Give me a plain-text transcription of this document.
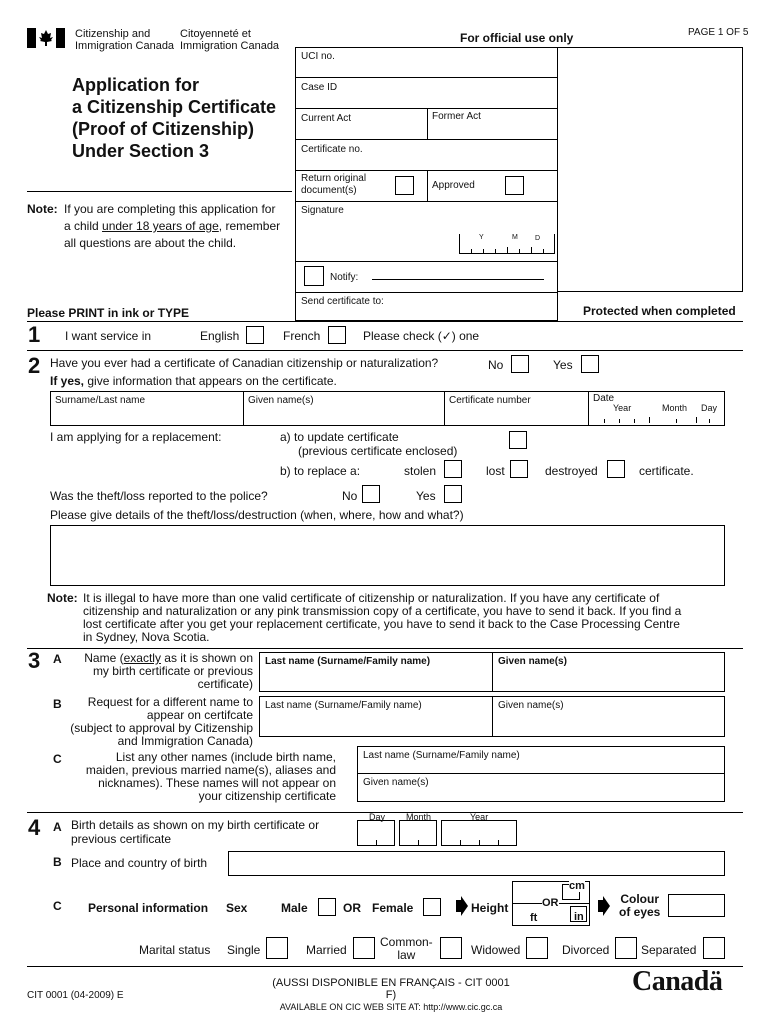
Citizenship and
Immigration Canada
Citoyenneté et
Immigration Canada
PAGE 1 OF 5
For official use only
Application for
a Citizenship Certificate
(Proof of Citizenship)
Under Section 3
Note: If you are completing this application for
a child under 18 years of age, remember
all questions are about the child.
UCI no.
Case ID
Current Act	Former Act
Certificate no.
Return original
document(s)	Approved
Signature
Y	M D
Notify:
Send certificate to:
Please PRINT in ink or TYPE	Protected when completed
1 I want service in	English	French	Please check (✓) one
2 Have you ever had a certificate of Canadian citizenship or naturalization?	No	Yes
If yes, give information that appears on the certificate.
Surname/Last name	Given name(s)	Certificate number	Date
Year	Month Day
I am applying for a replacement:	a) to update certificate
(previous certificate enclosed)
b) to replace a:	stolen	lost	destroyed	certificate.
Was the theft/loss reported to the police?	No	Yes
Please give details of the theft/loss/destruction (when, where, how and what?)
Note: It is illegal to have more than one valid certificate of citizenship or naturalization. If you have any certificate of
citizenship and naturalization or any pink transmission copy of a certificate, you have to send it back. If you find a
lost certificate after you get your replacement certificate, you have to send it back to the Case Processing Centre
in Sydney, Nova Scotia.
3 A	Name (exactly as it is shown on
my birth certificate or previous
certificate)
Last name (Surname/Family name)	Given name(s)
B	Request for a different name to
appear on certifcate
(subject to approval by Citizenship
and Immigration Canada)
Last name (Surname/Family name)	Given name(s)
C	List any other names (include birth name,
maiden, previous married name(s), aliases and
nicknames). These names will not appear on
your citizenship certificate
Last name (Surname/Family name)
Given name(s)
4 A Birth details as shown on my birth certificate or
previous certificate
Day Month	Year
B Place and country of birth
C Personal information Sex	Male	OR Female	Height
cm
OR
ft	in
Colour
of eyes
Marital status Single	Married
Common-
law	Widowed	Divorced	Separated
CIT 0001 (04-2009) E
(AUSSI DISPONIBLE EN FRANÇAIS - CIT 0001 F)
AVAILABLE ON CIC WEB SITE AT: http://www.cic.gc.ca
Canadä
